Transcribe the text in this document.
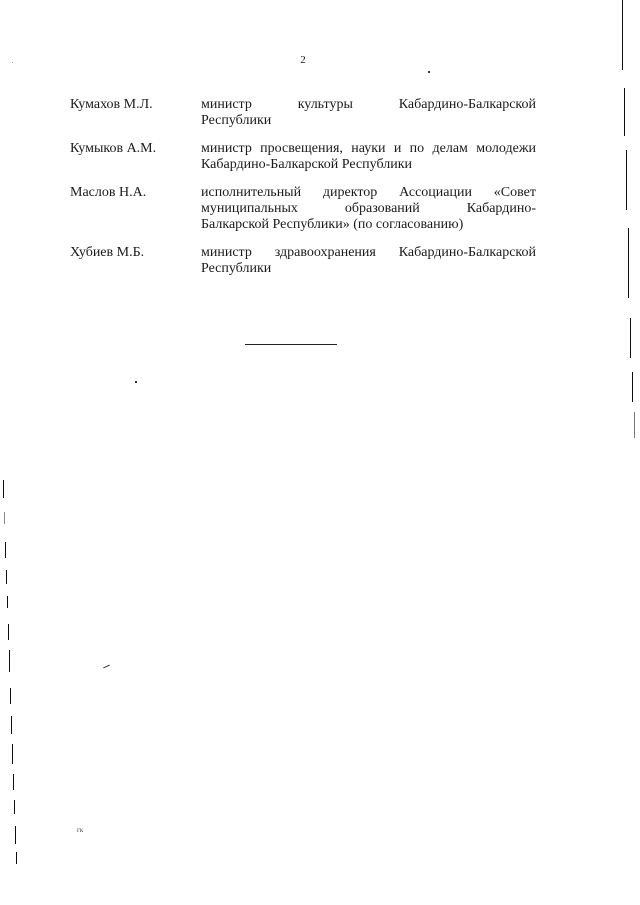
2
Кумахов М.Л.	министр культуры Кабардино-Балкарской
Республики
Кумыков А.М.	министр просвещения, науки и по делам молодежи
Кабардино-Балкарской Республики
Маслов Н.А.	исполнительный директор Ассоциации «Совет
муниципальных образований Кабардино-
Балкарской Республики» (по согласованию)
Хубиев М.Б.	министр здравоохранения Кабардино-Балкарской
Республики
гк
